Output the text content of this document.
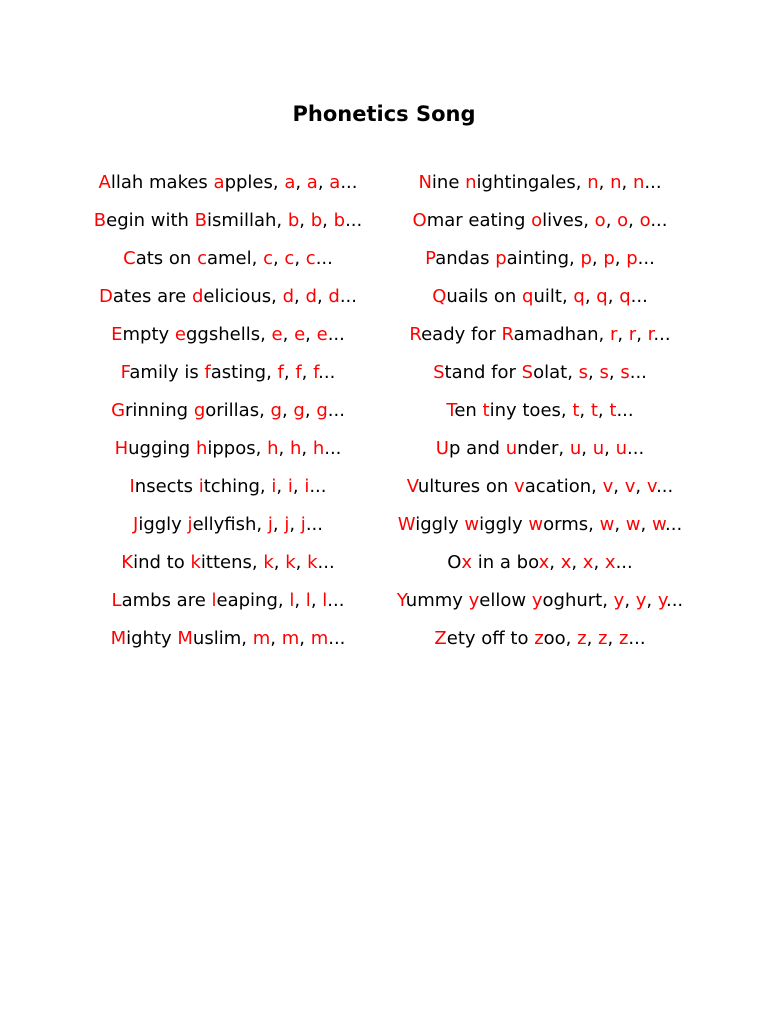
Phonetics Song

Allah makes apples, a, a, a...

Begin with Bismillah, b, b, b...

Cats on camel, c, c, c...

Dates are delicious, d, d, d...

Empty eggshells, e, e, e...

Family is fasting, f, f, f...

Grinning gorillas, g, g, g...

Hugging hippos, h, h, h...

Insects itching, i, i, i...

Jiggly jellyfish, j, j, j...

Kind to kittens, k, k, k...

Lambs are leaping, l, l, l...

Mighty Muslim, m, m, m...

Nine nightingales, n, n, n...

Omar eating olives, o, o, o...

Pandas painting, p, p, p...

Quails on quilt, q, q, q...

Ready for Ramadhan, r, r, r...

Stand for Solat, s, s, s...

Ten tiny toes, t, t, t...

Up and under, u, u, u...

Vultures on vacation, v, v, v...

Wiggly wiggly worms, w, w, w...

Ox in a box, x, x, x...

Yummy yellow yoghurt, y, y, y...

Zety off to zoo, z, z, z...
